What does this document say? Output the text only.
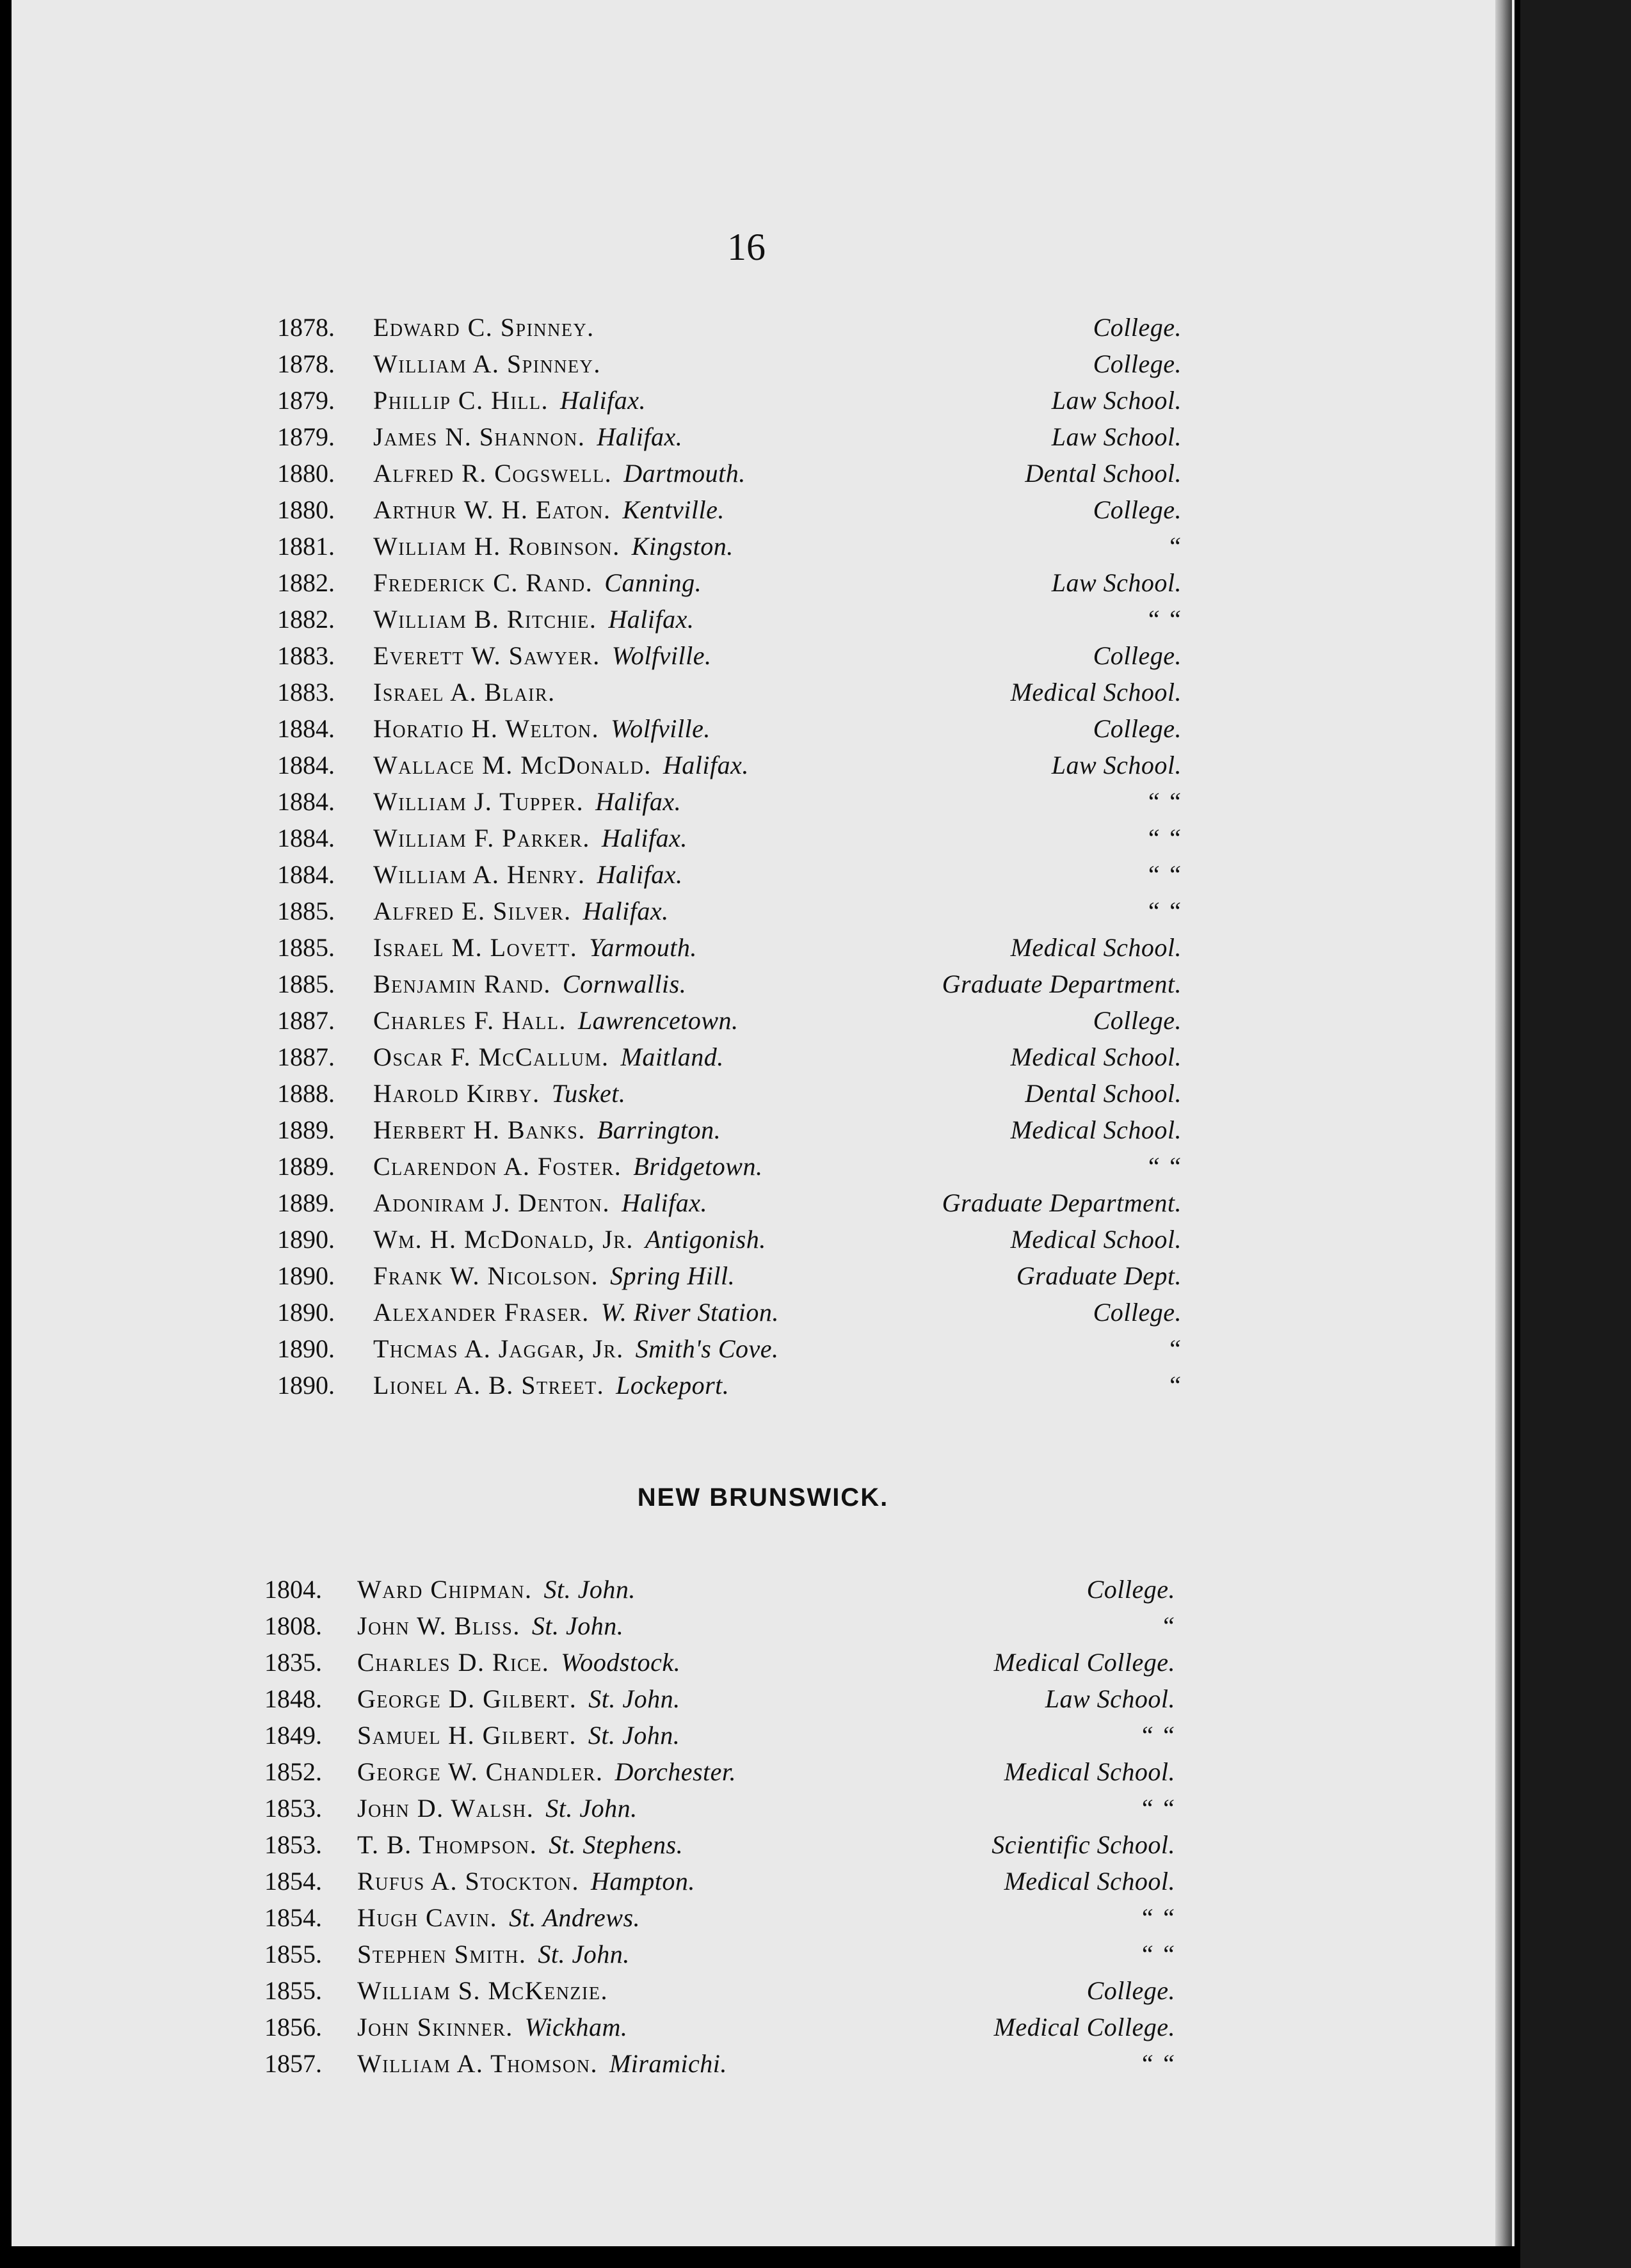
16
1878.	Edward C. Spinney.	College.
1878.	William A. Spinney.	College.
1879.	Phillip C. Hill. Halifax.	Law School.
1879.	James N. Shannon. Halifax.	Law School.
1880.	Alfred R. Cogswell. Dartmouth.	Dental School.
1880.	Arthur W. H. Eaton. Kentville.	College.
1881.	William H. Robinson. Kingston.	“
1882.	Frederick C. Rand. Canning.	Law School.
1882.	William B. Ritchie. Halifax.	“ “
1883.	Everett W. Sawyer. Wolfville.	College.
1883.	Israel A. Blair.	Medical School.
1884.	Horatio H. Welton. Wolfville.	College.
1884.	Wallace M. McDonald. Halifax.	Law School.
1884.	William J. Tupper. Halifax.	“ “
1884.	William F. Parker. Halifax.	“ “
1884.	William A. Henry. Halifax.	“ “
1885.	Alfred E. Silver. Halifax.	“ “
1885.	Israel M. Lovett. Yarmouth.	Medical School.
1885.	Benjamin Rand. Cornwallis.	Graduate Department.
1887.	Charles F. Hall. Lawrencetown.	College.
1887.	Oscar F. McCallum. Maitland.	Medical School.
1888.	Harold Kirby. Tusket.	Dental School.
1889.	Herbert H. Banks. Barrington.	Medical School.
1889.	Clarendon A. Foster. Bridgetown.	“ “
1889.	Adoniram J. Denton. Halifax.	Graduate Department.
1890.	Wm. H. McDonald, Jr. Antigonish.	Medical School.
1890.	Frank W. Nicolson. Spring Hill.	Graduate Dept.
1890.	Alexander Fraser. W. River Station.	College.
1890.	Thcmas A. Jaggar, Jr. Smith's Cove.	“
1890.	Lionel A. B. Street. Lockeport.	“
NEW BRUNSWICK.
1804.	Ward Chipman. St. John.	College.
1808.	John W. Bliss. St. John.	“
1835.	Charles D. Rice. Woodstock.	Medical College.
1848.	George D. Gilbert. St. John.	Law School.
1849.	Samuel H. Gilbert. St. John.	“ “
1852.	George W. Chandler. Dorchester.	Medical School.
1853.	John D. Walsh. St. John.	“ “
1853.	T. B. Thompson. St. Stephens.	Scientific School.
1854.	Rufus A. Stockton. Hampton.	Medical School.
1854.	Hugh Cavin. St. Andrews.	“ “
1855.	Stephen Smith. St. John.	“ “
1855.	William S. McKenzie.	College.
1856.	John Skinner. Wickham.	Medical College.
1857.	William A. Thomson. Miramichi.	“ “
